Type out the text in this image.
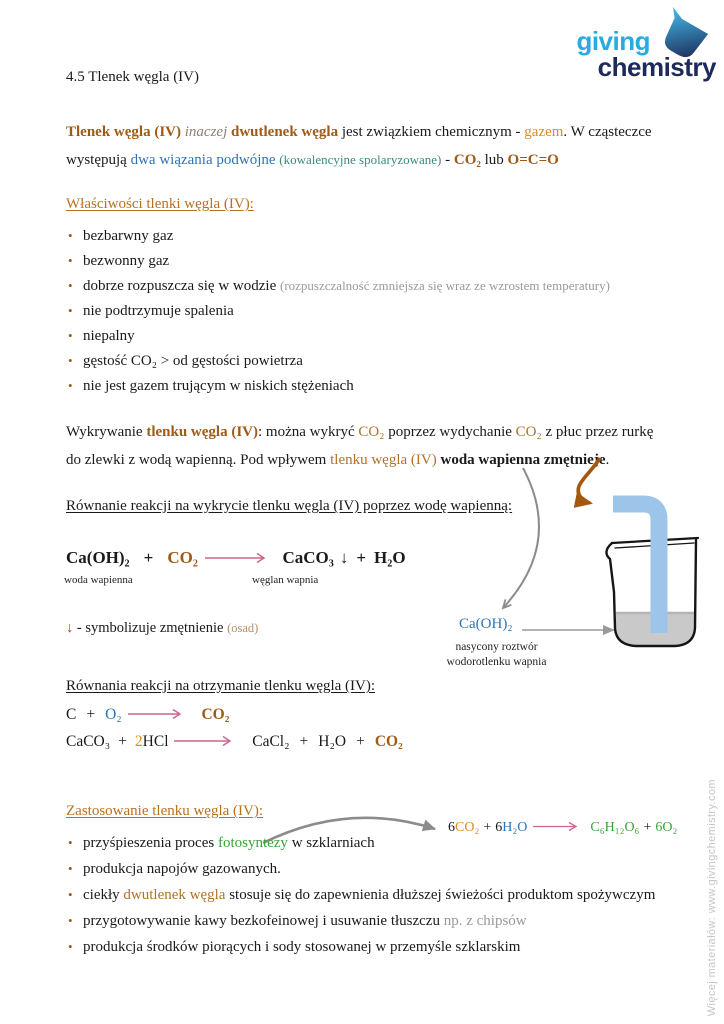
giving
chemistry
4.5 Tlenek węgla (IV)
Tlenek węgla (IV) inaczej dwutlenek węgla jest związkiem chemicznym - gazem. W cząsteczce
występują dwa wiązania podwójne (kowalencyjne spolaryzowane) - CO₂ lub O=C=O
Właściwości tlenki węgla (IV):
• bezbarwny gaz
• bezwonny gaz
• dobrze rozpuszcza się w wodzie (rozpuszczalność zmniejsza się wraz ze wzrostem temperatury)
• nie podtrzymuje spalenia
• niepalny
• gęstość CO₂ > od gęstości powietrza
• nie jest gazem trującym w niskich stężeniach
Wykrywanie tlenku węgla (IV): można wykryć CO₂ poprzez wydychanie CO₂ z płuc przez rurkę
do zlewki z wodą wapienną. Pod wpływem tlenku węgla (IV) woda wapienna zmętnieje.
Równanie reakcji na wykrycie tlenku węgla (IV) poprzez wodę wapienną:
Ca(OH)₂ + CO₂	CaCO₃ ↓ + H₂O
woda wapienna	węglan wapnia
↓ - symbolizuje zmętnienie (osad)	Ca(OH)₂
nasycony roztwór
wodorotlenku wapnia
Równania reakcji na otrzymanie tlenku węgla (IV):
C + O₂ → CO₂
CaCO₃ + 2HCl	CaCl₂ + H₂O + CO₂
Zastosowanie tlenku węgla (IV):
6CO₂ + 6H₂O → C₆H₁₂O₆ + 6O₂
• przyśpieszenia proces fotosyntezy w szklarniach
• produkcja napojów gazowanych.
• ciekły dwutlenek węgla stosuje się do zapewnienia dłuższej świeżości produktom spożywczym
• przygotowywanie kawy bezkofeinowej i usuwanie tłuszczu np. z chipsów
• produkcja środków piorących i sody stosowanej w przemyśle szklarskim	Więcej materiałów: www.givingchemistry.com
